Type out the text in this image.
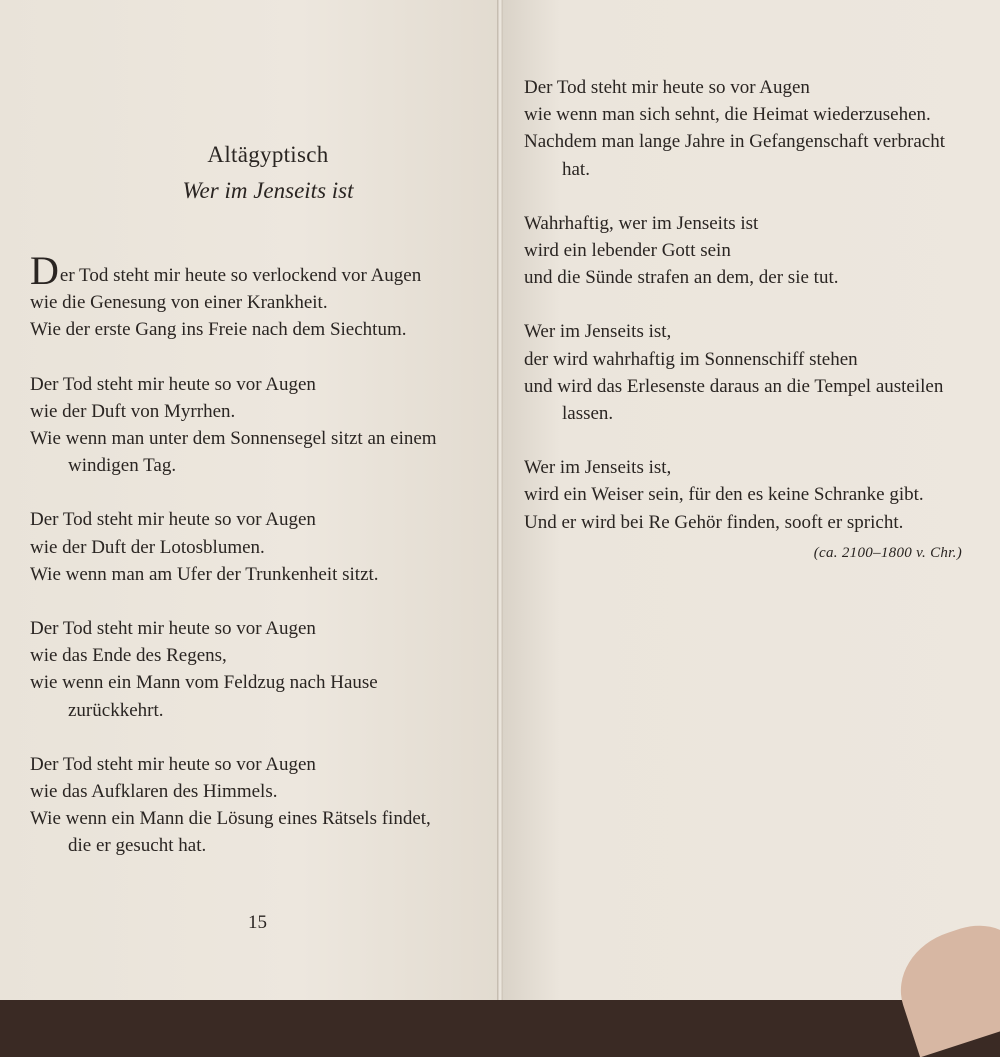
Altägyptisch
Wer im Jenseits ist
Der Tod steht mir heute so verlockend vor Augen
wie die Genesung von einer Krankheit.
Wie der erste Gang ins Freie nach dem Siechtum.
Der Tod steht mir heute so vor Augen
wie der Duft von Myrrhen.
Wie wenn man unter dem Sonnensegel sitzt an einem
windigen Tag.
Der Tod steht mir heute so vor Augen
wie der Duft der Lotosblumen.
Wie wenn man am Ufer der Trunkenheit sitzt.
Der Tod steht mir heute so vor Augen
wie das Ende des Regens,
wie wenn ein Mann vom Feldzug nach Hause
zurückkehrt.
Der Tod steht mir heute so vor Augen
wie das Aufklaren des Himmels.
Wie wenn ein Mann die Lösung eines Rätsels findet,
die er gesucht hat.
15
Der Tod steht mir heute so vor Augen
wie wenn man sich sehnt, die Heimat wiederzusehen.
Nachdem man lange Jahre in Gefangenschaft verbracht
hat.
Wahrhaftig, wer im Jenseits ist
wird ein lebender Gott sein
und die Sünde strafen an dem, der sie tut.
Wer im Jenseits ist,
der wird wahrhaftig im Sonnenschiff stehen
und wird das Erlesenste daraus an die Tempel austeilen
lassen.
Wer im Jenseits ist,
wird ein Weiser sein, für den es keine Schranke gibt.
Und er wird bei Re Gehör finden, sooft er spricht.
(ca. 2100–1800 v. Chr.)
